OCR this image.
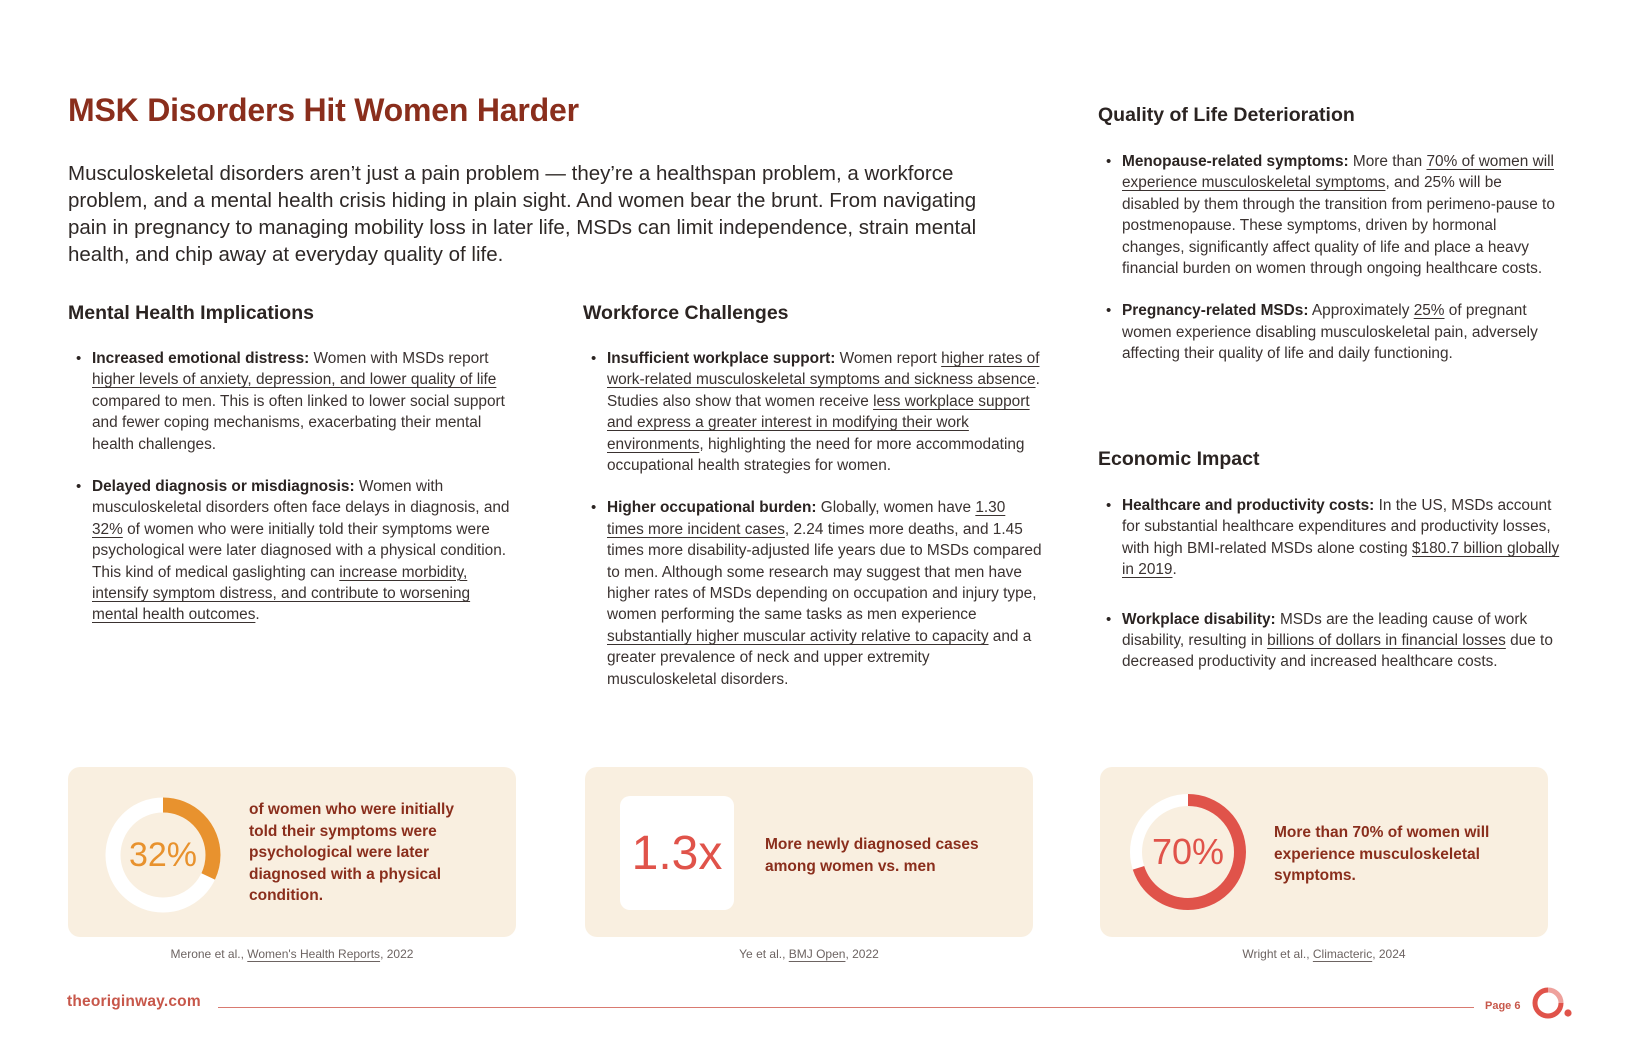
MSK Disorders Hit Women Harder

Musculoskeletal disorders aren’t just a pain problem — they’re a healthspan problem, a workforce problem, and a mental health crisis hiding in plain sight. And women bear the brunt. From navigating pain in pregnancy to managing mobility loss in later life, MSDs can limit independence, strain mental health, and chip away at everyday quality of life.

Mental Health Implications
• Increased emotional distress: Women with MSDs report higher levels of anxiety, depression, and lower quality of life compared to men. This is often linked to lower social support and fewer coping mechanisms, exacerbating their mental health challenges.
• Delayed diagnosis or misdiagnosis: Women with musculoskeletal disorders often face delays in diagnosis, and 32% of women who were initially told their symptoms were psychological were later diagnosed with a physical condition. This kind of medical gaslighting can increase morbidity, intensify symptom distress, and contribute to worsening mental health outcomes.
Workforce Challenges
• Insufficient workplace support: Women report higher rates of work-related musculoskeletal symptoms and sickness absence. Studies also show that women receive less workplace support and express a greater interest in modifying their work environments, highlighting the need for more accommodating occupational health strategies for women.
• Higher occupational burden: Globally, women have 1.30 times more incident cases, 2.24 times more deaths, and 1.45 times more disability-adjusted life years due to MSDs compared to men. Although some research may suggest that men have higher rates of MSDs depending on occupation and injury type, women performing the same tasks as men experience substantially higher muscular activity relative to capacity and a greater prevalence of neck and upper extremity musculoskeletal disorders.
Quality of Life Deterioration
• Menopause-related symptoms: More than 70% of women will experience musculoskeletal symptoms, and 25% will be disabled by them through the transition from perimeno-pause to postmenopause. These symptoms, driven by hormonal changes, significantly affect quality of life and place a heavy financial burden on women through ongoing healthcare costs.
• Pregnancy-related MSDs: Approximately 25% of pregnant women experience disabling musculoskeletal pain, adversely affecting their quality of life and daily functioning.
Economic Impact
• Healthcare and productivity costs: In the US, MSDs account for substantial healthcare expenditures and productivity losses, with high BMI-related MSDs alone costing $180.7 billion globally in 2019.
• Workplace disability: MSDs are the leading cause of work disability, resulting in billions of dollars in financial losses due to decreased productivity and increased healthcare costs.
32%
of women who were initially told their symptoms were psychological were later diagnosed with a physical condition.
Merone et al., Women's Health Reports, 2022
1.3x	More newly diagnosed cases among women vs. men
Ye et al., BMJ Open, 2022
70%	More than 70% of women will experience musculoskeletal symptoms.
Wright et al., Climacteric, 2024
theoriginway.com	Page 6
